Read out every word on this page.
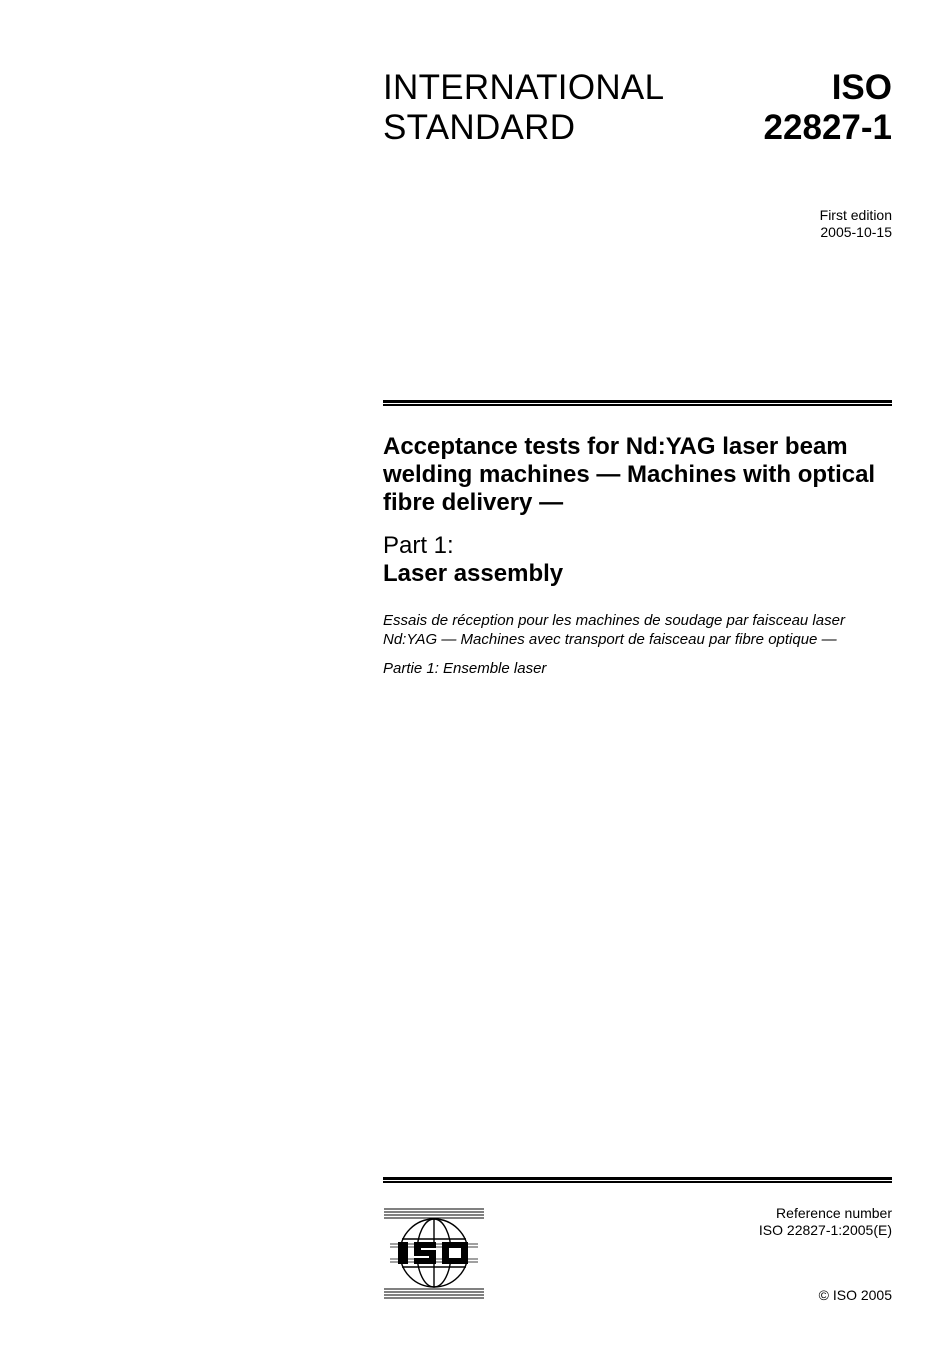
INTERNATIONAL
STANDARD
ISO
22827-1
First edition
2005-10-15
Acceptance tests for Nd:YAG laser beam welding machines — Machines with optical fibre delivery —
Part 1:
Laser assembly
Essais de réception pour les machines de soudage par faisceau laser Nd:YAG — Machines avec transport de faisceau par fibre optique —
Partie 1: Ensemble laser
Reference number
ISO 22827-1:2005(E)
© ISO 2005
